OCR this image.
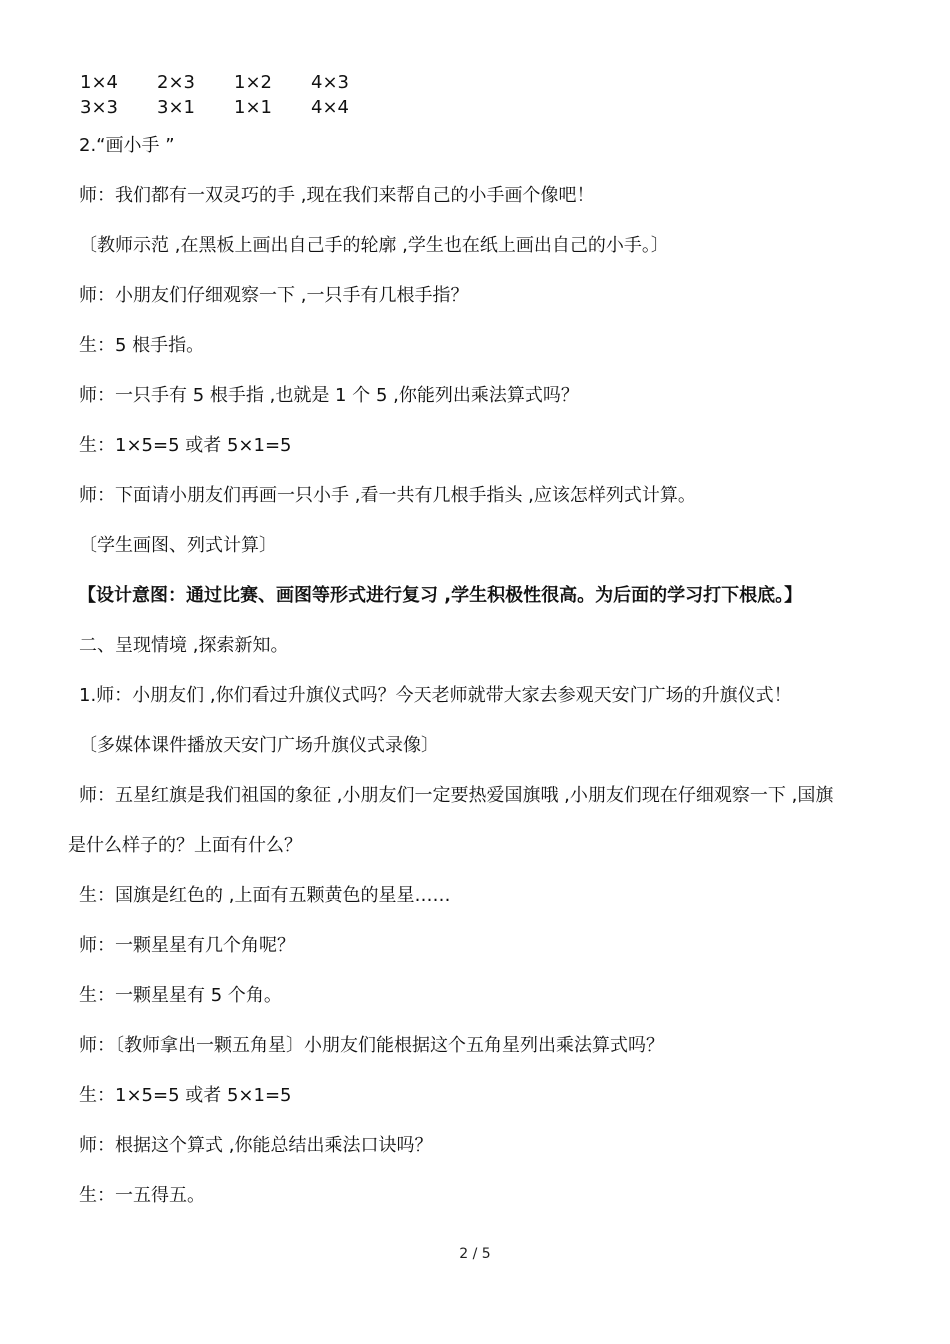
1×4	2×3	1×2	4×3
3×3	3×1	1×1	4×4
2.“画小手 ”
师：我们都有一双灵巧的手 ,现在我们来帮自己的小手画个像吧！
〔教师示范 ,在黑板上画出自己手的轮廓 ,学生也在纸上画出自己的小手。〕
师：小朋友们仔细观察一下 ,一只手有几根手指？
生：5 根手指。
师：一只手有 5 根手指 ,也就是 1 个 5 ,你能列出乘法算式吗？
生：1×5=5 或者 5×1=5
师：下面请小朋友们再画一只小手 ,看一共有几根手指头 ,应该怎样列式计算。
〔学生画图、列式计算〕
【设计意图：通过比赛、画图等形式进行复习 ,学生积极性很高。为后面的学习打下根底。】
二、呈现情境 ,探索新知。
1.师：小朋友们 ,你们看过升旗仪式吗？今天老师就带大家去参观天安门广场的升旗仪式！
〔多媒体课件播放天安门广场升旗仪式录像〕
师：五星红旗是我们祖国的象征 ,小朋友们一定要热爱国旗哦 ,小朋友们现在仔细观察一下 ,国旗
是什么样子的？上面有什么？
生：国旗是红色的 ,上面有五颗黄色的星星……
师：一颗星星有几个角呢？
生：一颗星星有 5 个角。
师：〔教师拿出一颗五角星〕小朋友们能根据这个五角星列出乘法算式吗？
生：1×5=5 或者 5×1=5
师：根据这个算式 ,你能总结出乘法口诀吗？
生：一五得五。
2 / 5
